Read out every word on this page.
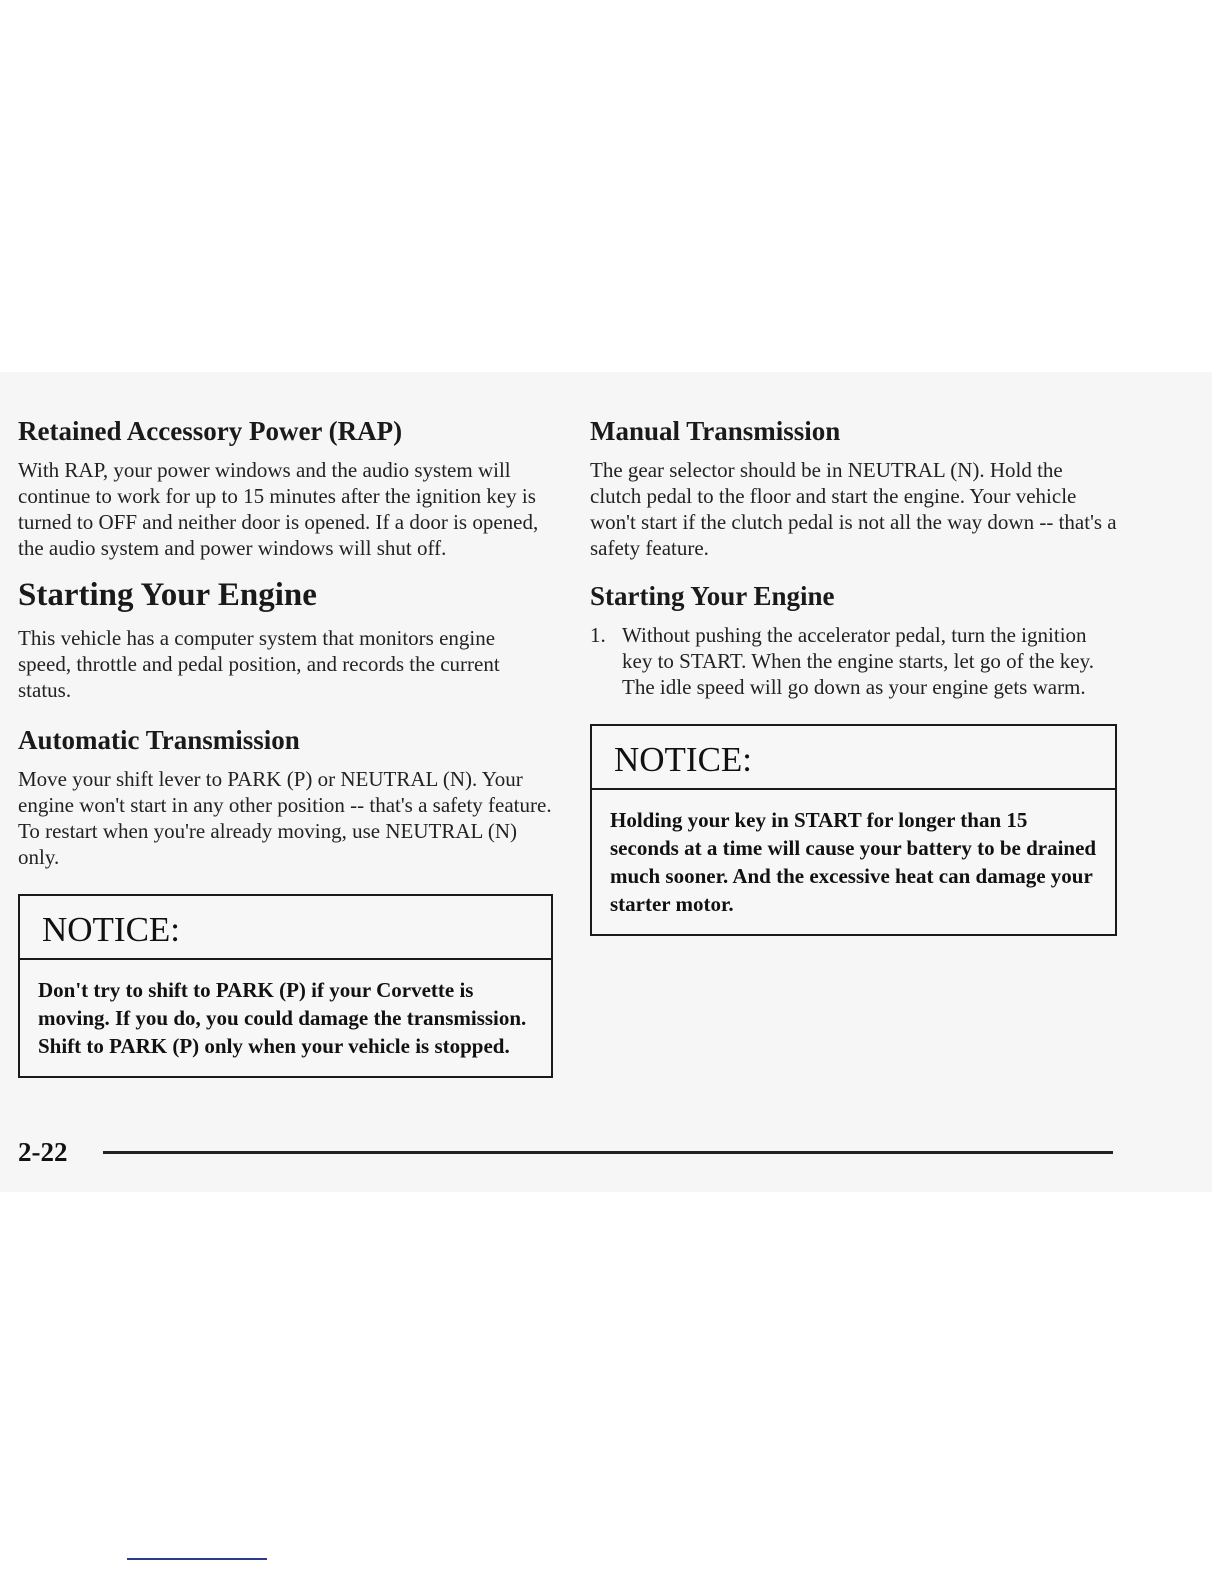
Retained Accessory Power (RAP)

With RAP, your power windows and the audio system will continue to work for up to 15 minutes after the ignition key is turned to OFF and neither door is opened. If a door is opened, the audio system and power windows will shut off.

Starting Your Engine

This vehicle has a computer system that monitors engine speed, throttle and pedal position, and records the current status.

Automatic Transmission

Move your shift lever to PARK (P) or NEUTRAL (N). Your engine won't start in any other position -- that's a safety feature. To restart when you're already moving, use NEUTRAL (N) only.

NOTICE:
Don't try to shift to PARK (P) if your Corvette is moving. If you do, you could damage the transmission. Shift to PARK (P) only when your vehicle is stopped.
Manual Transmission

The gear selector should be in NEUTRAL (N). Hold the clutch pedal to the floor and start the engine. Your vehicle won't start if the clutch pedal is not all the way down -- that's a safety feature.

Starting Your Engine
1. Without pushing the accelerator pedal, turn the ignition key to START. When the engine starts, let go of the key. The idle speed will go down as your engine gets warm.
NOTICE:
Holding your key in START for longer than 15 seconds at a time will cause your battery to be drained much sooner. And the excessive heat can damage your starter motor.
2-22
